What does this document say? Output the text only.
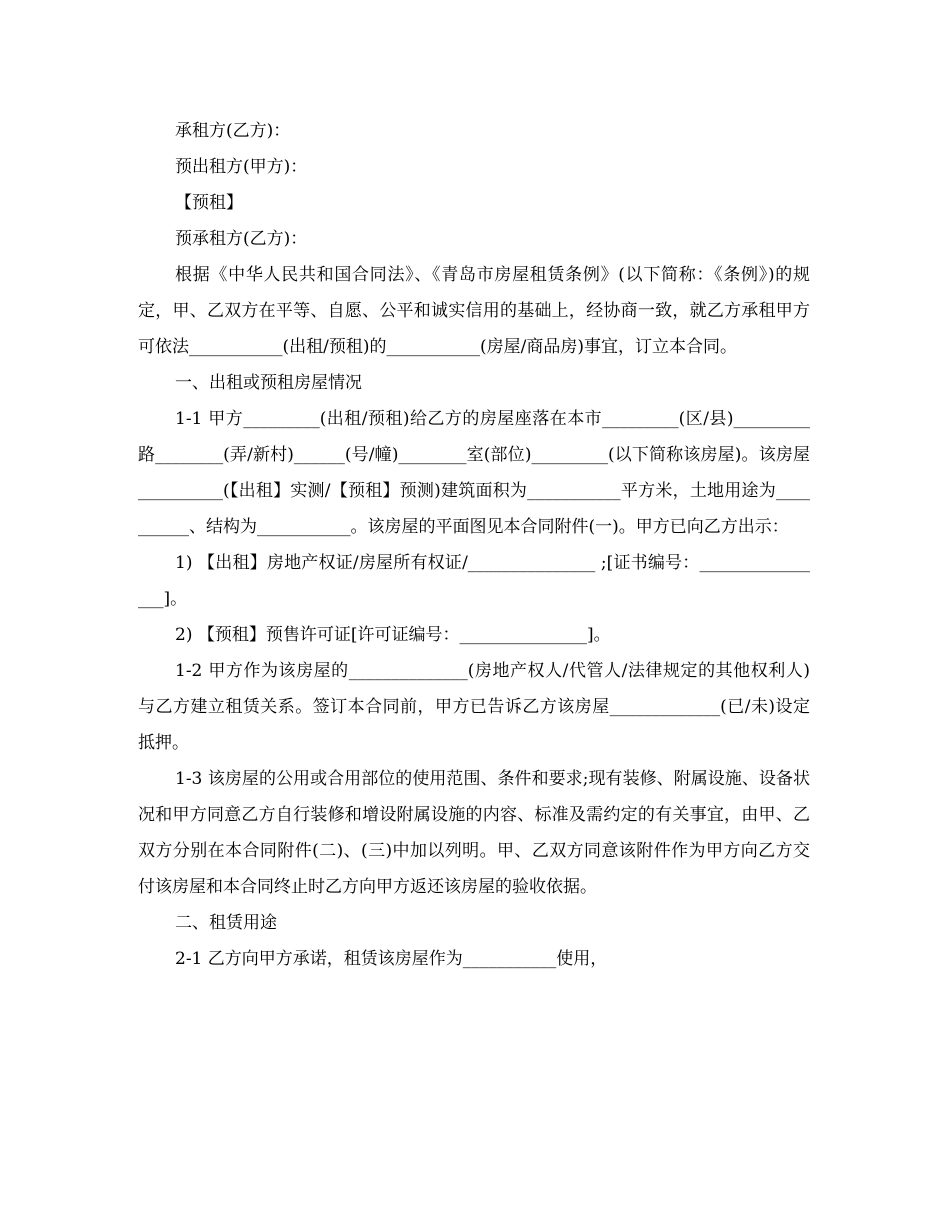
承租方(乙方)：

预出租方(甲方)：

【预租】

预承租方(乙方)：

根据《中华人民共和国合同法》、《青岛市房屋租赁条例》(以下简称：《条例》)的规定，甲、乙双方在平等、自愿、公平和诚实信用的基础上，经协商一致，就乙方承租甲方可依法___________(出租/预租)的___________(房屋/商品房)事宜，订立本合同。

一、出租或预租房屋情况

1-1 甲方_________(出租/预租)给乙方的房屋座落在本市_________(区/县)_________路________(弄/新村)______(号/幢)________室(部位)_________(以下简称该房屋)。该房屋__________(【出租】实测/【预租】预测)建筑面积为___________平方米，土地用途为__________、结构为___________。该房屋的平面图见本合同附件(一)。甲方已向乙方出示：

1) 【出租】房地产权证/房屋所有权证/_______________ ;[证书编号：________________]。

2) 【预租】预售许可证[许可证编号：_______________]。

1-2 甲方作为该房屋的______________(房地产权人/代管人/法律规定的其他权利人)与乙方建立租赁关系。签订本合同前，甲方已告诉乙方该房屋_____________(已/未)设定抵押。

1-3 该房屋的公用或合用部位的使用范围、条件和要求;现有装修、附属设施、设备状况和甲方同意乙方自行装修和增设附属设施的内容、标准及需约定的有关事宜，由甲、乙双方分别在本合同附件(二)、(三)中加以列明。甲、乙双方同意该附件作为甲方向乙方交付该房屋和本合同终止时乙方向甲方返还该房屋的验收依据。

二、租赁用途

2-1 乙方向甲方承诺，租赁该房屋作为___________使用，
